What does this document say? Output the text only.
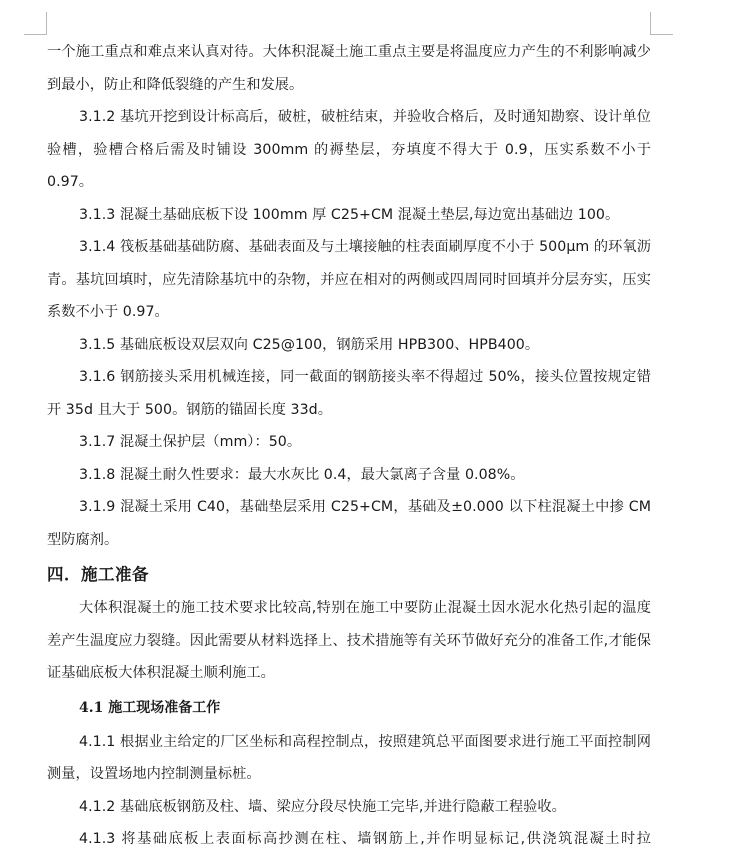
一个施工重点和难点来认真对待。大体积混凝土施工重点主要是将温度应力产生的不利影响减少到最小，防止和降低裂缝的产生和发展。

3.1.2 基坑开挖到设计标高后，破桩，破桩结束，并验收合格后，及时通知勘察、设计单位验槽，验槽合格后需及时铺设 300mm 的褥垫层，夯填度不得大于 0.9，压实系数不小于 0.97。

3.1.3 混凝土基础底板下设 100mm 厚 C25+CM 混凝土垫层,每边宽出基础边 100。

3.1.4 筏板基础基础防腐、基础表面及与土壤接触的柱表面刷厚度不小于 500μm 的环氧沥青。基坑回填时，应先清除基坑中的杂物，并应在相对的两侧或四周同时回填并分层夯实，压实系数不小于 0.97。

3.1.5 基础底板设双层双向 C25@100，钢筋采用 HPB300、HPB400。

3.1.6 钢筋接头采用机械连接，同一截面的钢筋接头率不得超过 50%，接头位置按规定错开 35d 且大于 500。钢筋的锚固长度 33d。

3.1.7 混凝土保护层（mm）：50。

3.1.8 混凝土耐久性要求：最大水灰比 0.4，最大氯离子含量 0.08%。

3.1.9 混凝土采用 C40，基础垫层采用 C25+CM，基础及±0.000 以下柱混凝土中掺 CM 型防腐剂。

四．施工准备

大体积混凝土的施工技术要求比较高,特别在施工中要防止混凝土因水泥水化热引起的温度差产生温度应力裂缝。因此需要从材料选择上、技术措施等有关环节做好充分的准备工作,才能保证基础底板大体积混凝土顺利施工。

4.1 施工现场准备工作

4.1.1 根据业主给定的厂区坐标和高程控制点，按照建筑总平面图要求进行施工平面控制网测量，设置场地内控制测量标桩。

4.1.2 基础底板钢筋及柱、墙、梁应分段尽快施工完毕,并进行隐蔽工程验收。

4.1.3 将基础底板上表面标高抄测在柱、墙钢筋上,并作明显标记,供浇筑混凝土时拉
